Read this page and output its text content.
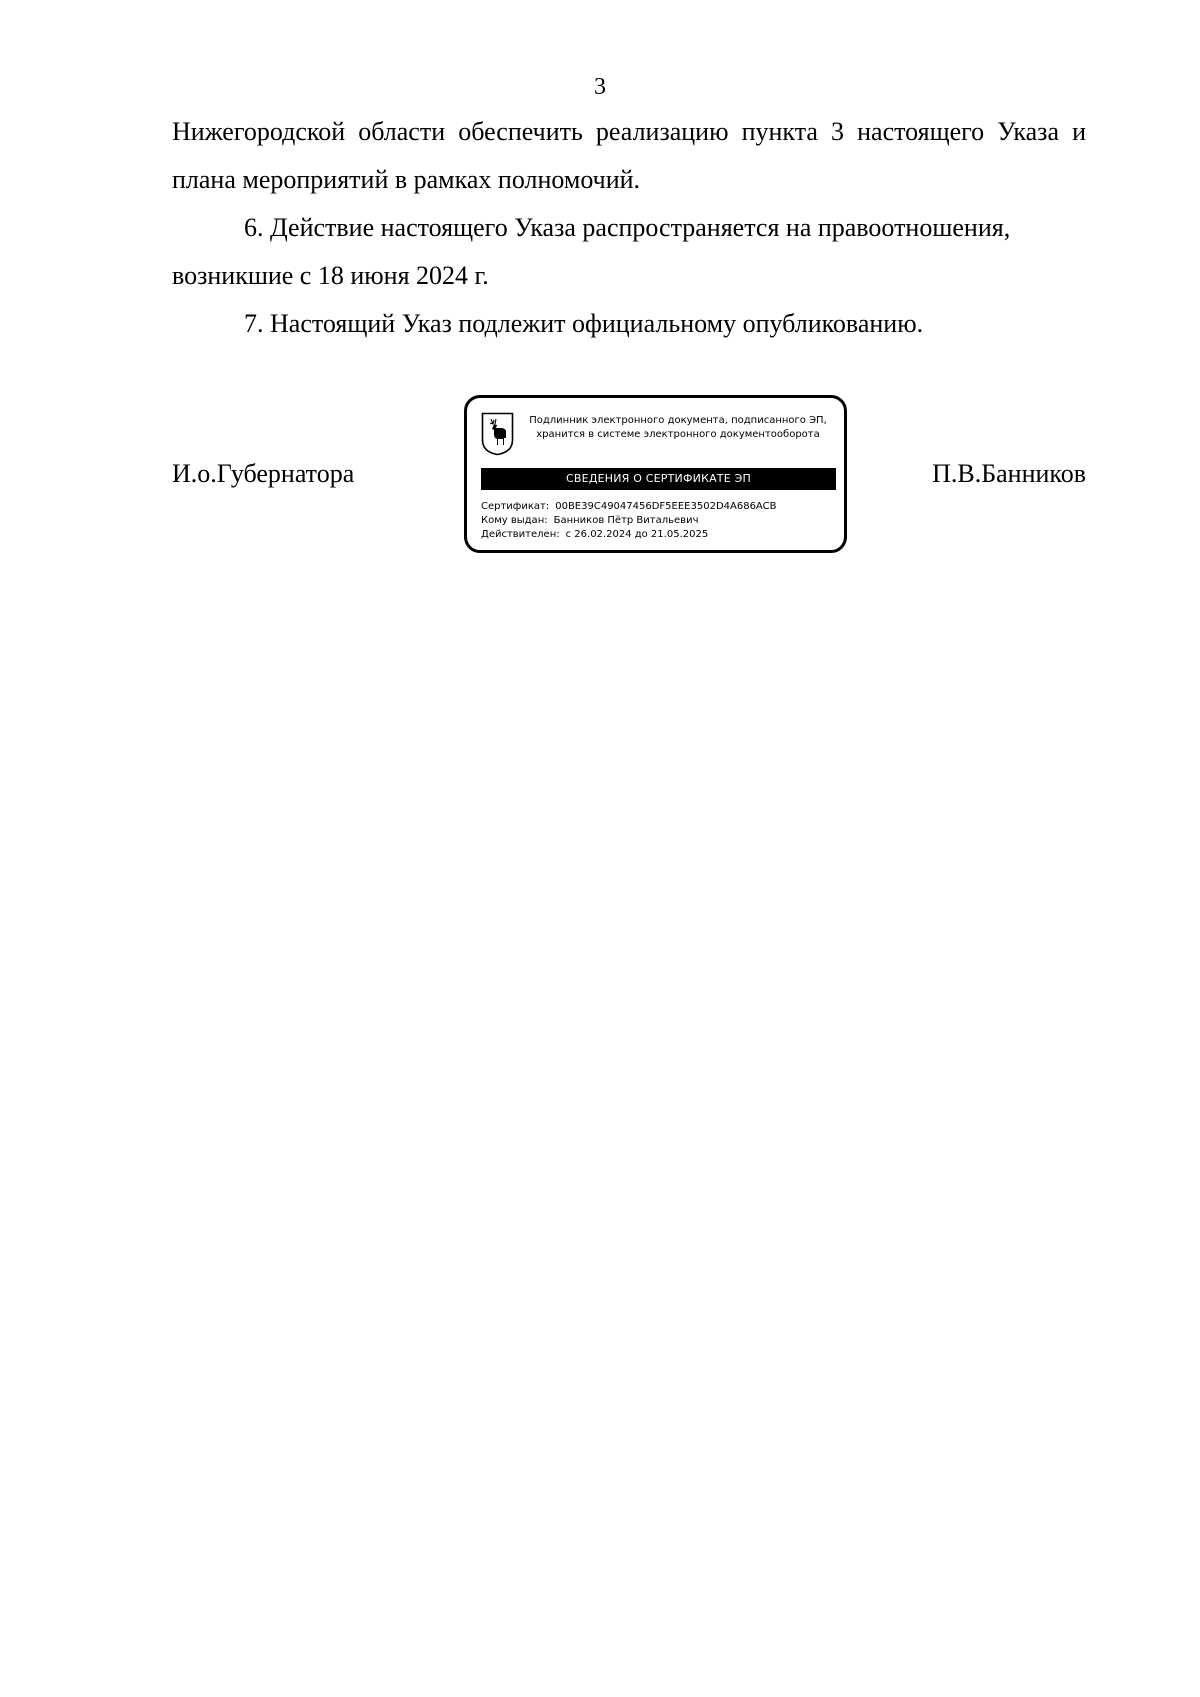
3

Нижегородской области обеспечить реализацию пункта 3 настоящего Указа и плана мероприятий в рамках полномочий.

6. Действие настоящего Указа распространяется на правоотношения, возникшие с 18 июня 2024 г.

7. Настоящий Указ подлежит официальному опубликованию.

И.о.Губернатора	П.В.Банников
Подлинник электронного документа, подписанного ЭП,
хранится в системе электронного документооборота
СВЕДЕНИЯ О СЕРТИФИКАТЕ ЭП
Сертификат: 00BE39C49047456DF5EEE3502D4A686ACB
Кому выдан: Банников Пётр Витальевич
Действителен: с 26.02.2024 до 21.05.2025
